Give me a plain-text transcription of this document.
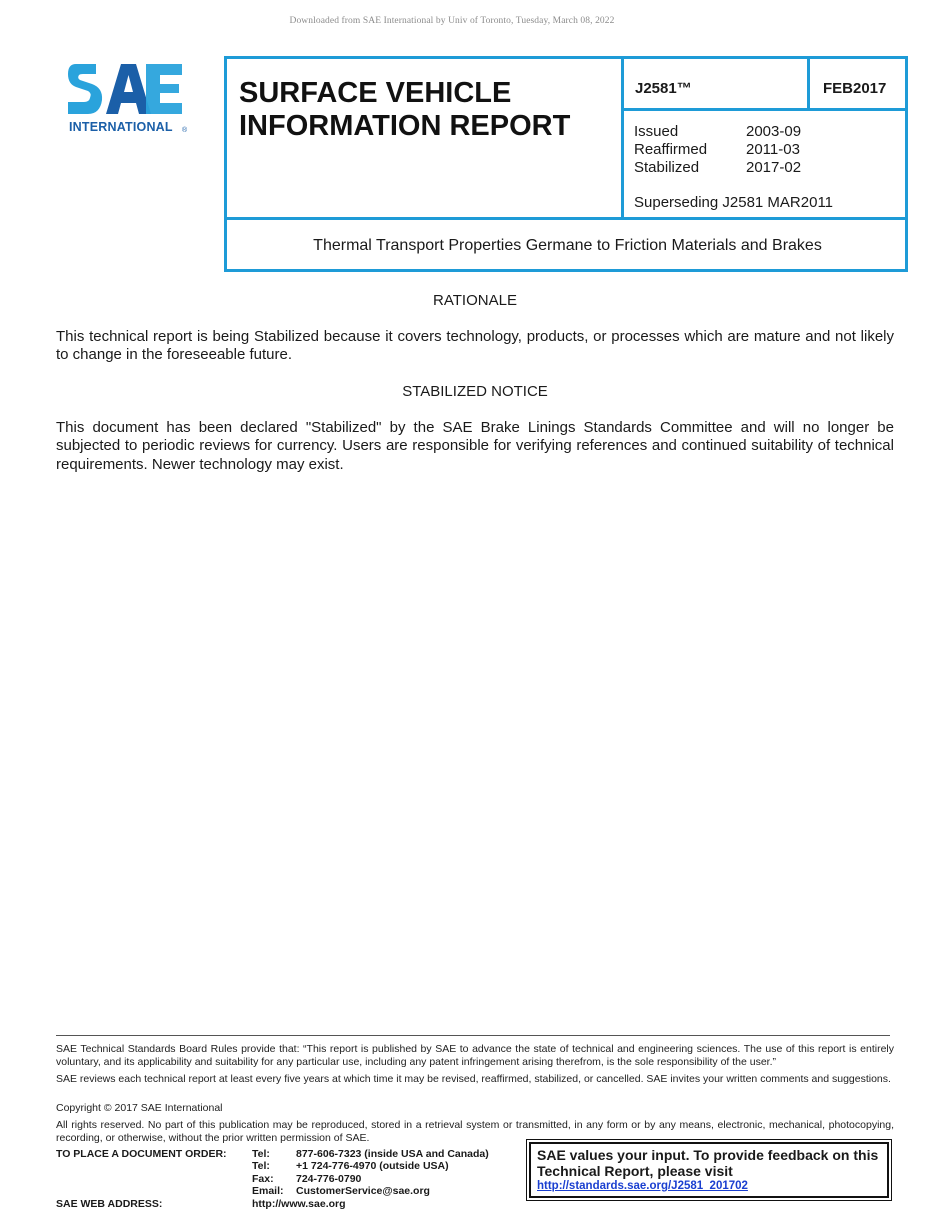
Downloaded from SAE International by Univ of Toronto, Tuesday, March 08, 2022
INTERNATIONAL ®
SURFACE VEHICLE
INFORMATION REPORT
J2581™	FEB2017
Issued	2003-09
Reaffirmed	2011-03
Stabilized	2017-02
Superseding J2581 MAR2011
Thermal Transport Properties Germane to Friction Materials and Brakes
RATIONALE
This technical report is being Stabilized because it covers technology, products, or processes which are mature and not likely to change in the foreseeable future.
STABILIZED NOTICE
This document has been declared "Stabilized" by the SAE Brake Linings Standards Committee and will no longer be subjected to periodic reviews for currency. Users are responsible for verifying references and continued suitability of technical requirements. Newer technology may exist.
SAE Technical Standards Board Rules provide that: “This report is published by SAE to advance the state of technical and engineering sciences. The use of this report is entirely voluntary, and its applicability and suitability for any particular use, including any patent infringement arising therefrom, is the sole responsibility of the user.”
SAE reviews each technical report at least every five years at which time it may be revised, reaffirmed, stabilized, or cancelled. SAE invites your written comments and suggestions.
Copyright © 2017 SAE International
All rights reserved. No part of this publication may be reproduced, stored in a retrieval system or transmitted, in any form or by any means, electronic, mechanical, photocopying, recording, or otherwise, without the prior written permission of SAE.
TO PLACE A DOCUMENT ORDER: Tel:	877-606-7323 (inside USA and Canada)
Tel:	+1 724-776-4970 (outside USA)
Fax:	724-776-0790
Email:	CustomerService@sae.org
SAE WEB ADDRESS:	http://www.sae.org
SAE values your input. To provide feedback on this Technical Report, please visit
http://standards.sae.org/J2581_201702
